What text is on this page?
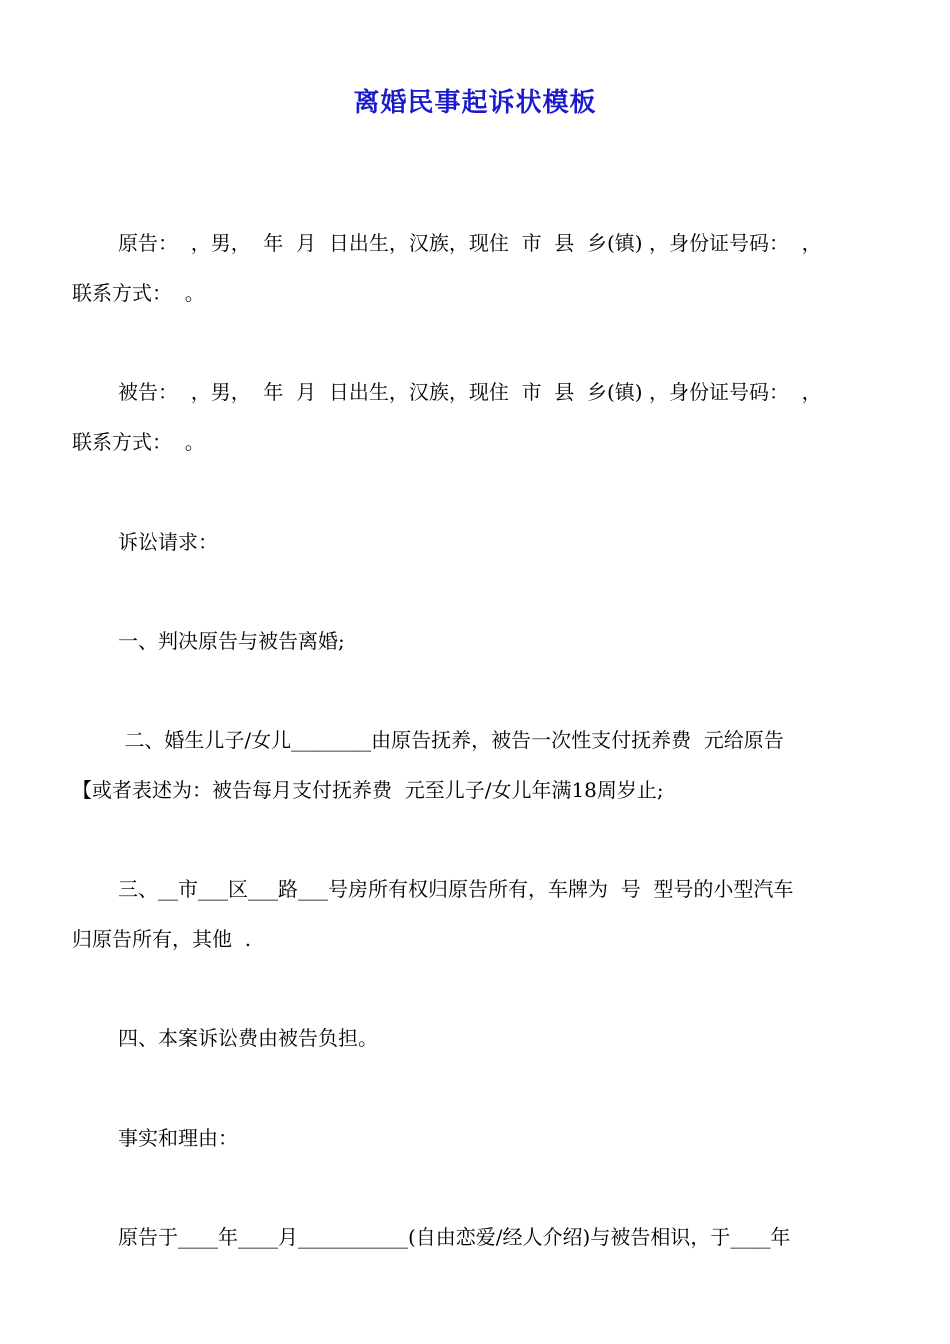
离婚民事起诉状模板
原告：  ，男，  年  月  日出生，汉族，现住  市  县  乡(镇) ，身份证号码：  ，
联系方式：  。
被告：  ，男，  年  月  日出生，汉族，现住  市  县  乡(镇) ，身份证号码：  ，
联系方式：  。
诉讼请求：
一、判决原告与被告离婚;
二、婚生儿子/女儿________由原告抚养，被告一次性支付抚养费  元给原告
【或者表述为：被告每月支付抚养费  元至儿子/女儿年满18周岁止;
三、__市___区___路___号房所有权归原告所有，车牌为  号  型号的小型汽车
归原告所有，其他  .
四、本案诉讼费由被告负担。
事实和理由：
原告于____年____月___________(自由恋爱/经人介绍)与被告相识，于____年
